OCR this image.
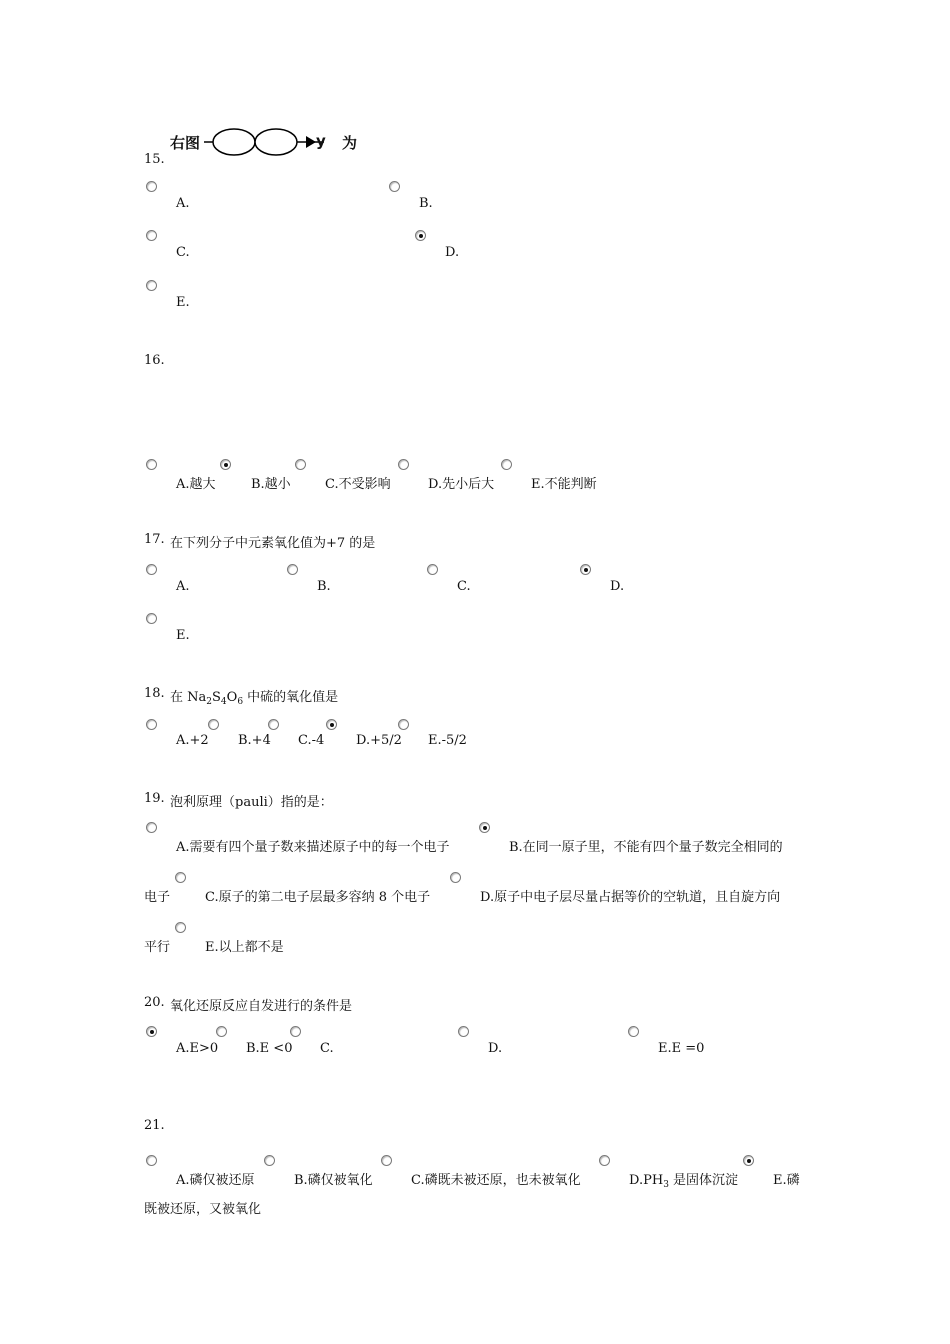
右图	y 为
15.
A.	B.
C.	D.
E.
16.
A.越大	B.越小	C.不受影响	D.先小后大	E.不能判断
17. 在下列分子中元素氧化值为+7 的是
A.	B.	C.	D.
E.
18. 在 $Na_2S_4O_6$ 中硫的氧化值是
A.+2 B.+4 C.-4 D.+5/2 E.-5/2
19. 泡利原理（pauli）指的是：
A.需要有四个量子数来描述原子中的每一个电子	B.在同一原子里，不能有四个量子数完全相同的
电子	C.原子的第二电子层最多容纳 8 个电子	D.原子中电子层尽量占据等价的空轨道，且自旋方向
平行	E.以上都不是
20. 氧化还原反应自发进行的条件是
A.E>0 B.E <0 C.	D.	E.E =0
21.
A.磷仅被还原	B.磷仅被氧化	C.磷既未被还原，也未被氧化	$D.PH_3$ 是固体沉淀	E.磷
既被还原，又被氧化
